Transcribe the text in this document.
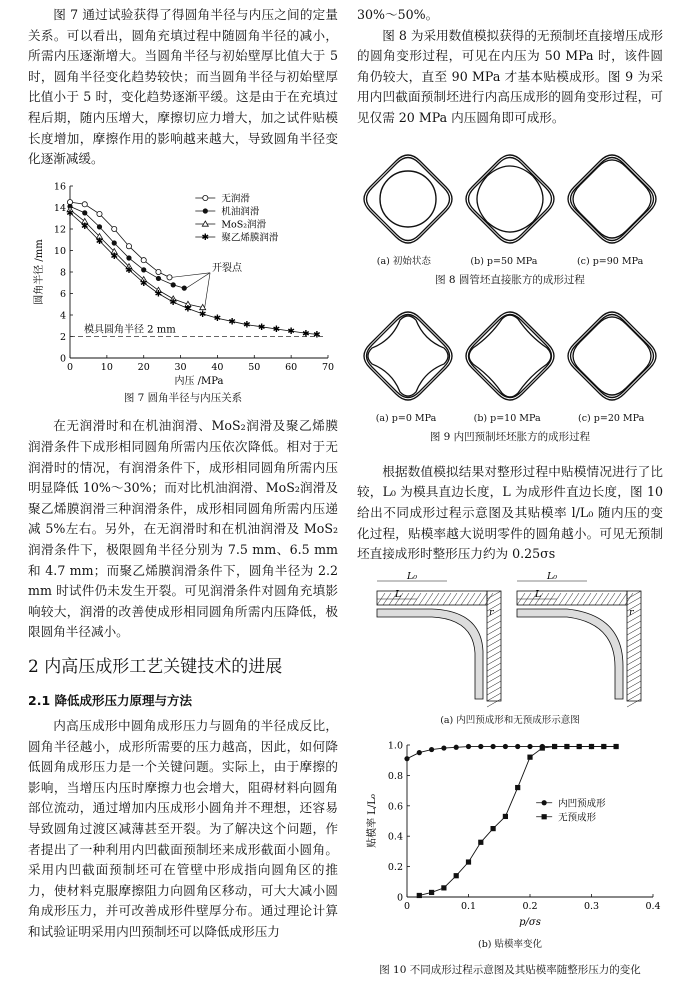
图 7 通过试验获得了得圆角半径与内压之间的定量关系。可以看出，圆角充填过程中随圆角半径的减小，所需内压逐渐增大。当圆角半径与初始壁厚比值大于 5 时，圆角半径变化趋势较快；而当圆角半径与初始壁厚比值小于 5 时，变化趋势逐渐平缓。这是由于在充填过程后期，随内压增大，摩擦切应力增大，加之试件贴模长度增加，摩擦作用的影响越来越大，导致圆角半径变化逐渐减缓。

0
2
4
6
8
10
12
14
16
0	10	20	30	40	50	60	70
内压 /MPa
圆角半径 /mm
模具圆角半径 2 mm
✱
✱
✱
✱
✱
✱
✱
✱
✱
✱ ✱ ✱ ✱ ✱ ✱ ✱ ✱ ✱
开裂点
无润滑
机油润滑
MoS₂润滑
✱ 聚乙烯膜润滑
图 7 圆角半径与内压关系

在无润滑时和在机油润滑、MoS₂润滑及聚乙烯膜润滑条件下成形相同圆角所需内压依次降低。相对于无润滑时的情况，有润滑条件下，成形相同圆角所需内压明显降低 10%～30%；而对比机油润滑、MoS₂润滑及聚乙烯膜润滑三种润滑条件，成形相同圆角所需内压递减 5%左右。另外，在无润滑时和在机油润滑及 MoS₂ 润滑条件下，极限圆角半径分别为 7.5 mm、6.5 mm 和 4.7 mm；而聚乙烯膜润滑条件下，圆角半径为 2.2 mm 时试件仍未发生开裂。可见润滑条件对圆角充填影响较大，润滑的改善使成形相同圆角所需内压降低，极限圆角半径减小。

2 内高压成形工艺关键技术的进展
2.1 降低成形压力原理与方法

内高压成形中圆角成形压力与圆角的半径成反比，圆角半径越小，成形所需要的压力越高，因此，如何降低圆角成形压力是一个关键问题。实际上，由于摩擦的影响，当增压内压时摩擦力也会增大，阻碍材料向圆角部位流动，通过增加内压成形小圆角并不理想，还容易导致圆角过渡区减薄甚至开裂。为了解决这个问题，作者提出了一种利用内凹截面预制坯来成形截面小圆角。采用内凹截面预制坯可在管壁中形成指向圆角区的推力，使材料克服摩擦阻力向圆角区移动，可大大减小圆角成形压力，并可改善成形件壁厚分布。通过理论计算和试验证明采用内凹预制坯可以降低成形压力

30%～50%。

图 8 为采用数值模拟获得的无预制坯直接增压成形的圆角变形过程，可见在内压为 50 MPa 时，该件圆角仍较大，直至 90 MPa 才基本贴模成形。图 9 为采用内凹截面预制坯进行内高压成形的圆角变形过程，可见仅需 20 MPa 内压圆角即可成形。

(a) 初始状态	(b) p=50 MPa	(c) p=90 MPa
图 8 圆管坯直接胀方的成形过程
(a) p=0 MPa	(b) p=10 MPa	(c) p=20 MPa
图 9 内凹预制坯坯胀方的成形过程

根据数值模拟结果对整形过程中贴模情况进行了比较，L₀ 为模具直边长度，L 为成形件直边长度，图 10 给出不同成形过程示意图及其贴模率 l/L₀ 随内压的变化过程，贴模率越大说明零件的圆角越小。可见无预制坯直接成形时整形压力约为 0.25σs

L₀
L
r
L₀
L
r
(a) 内凹预成形和无预成形示意图
0
0.2
0.4
0.6
0.8
1.0
0	0.1	0.2	0.3	0.4
p/σs
贴模率 L/L₀	内凹预成形
无预成形
(b) 贴模率变化
图 10 不同成形过程示意图及其贴模率随整形压力的变化
